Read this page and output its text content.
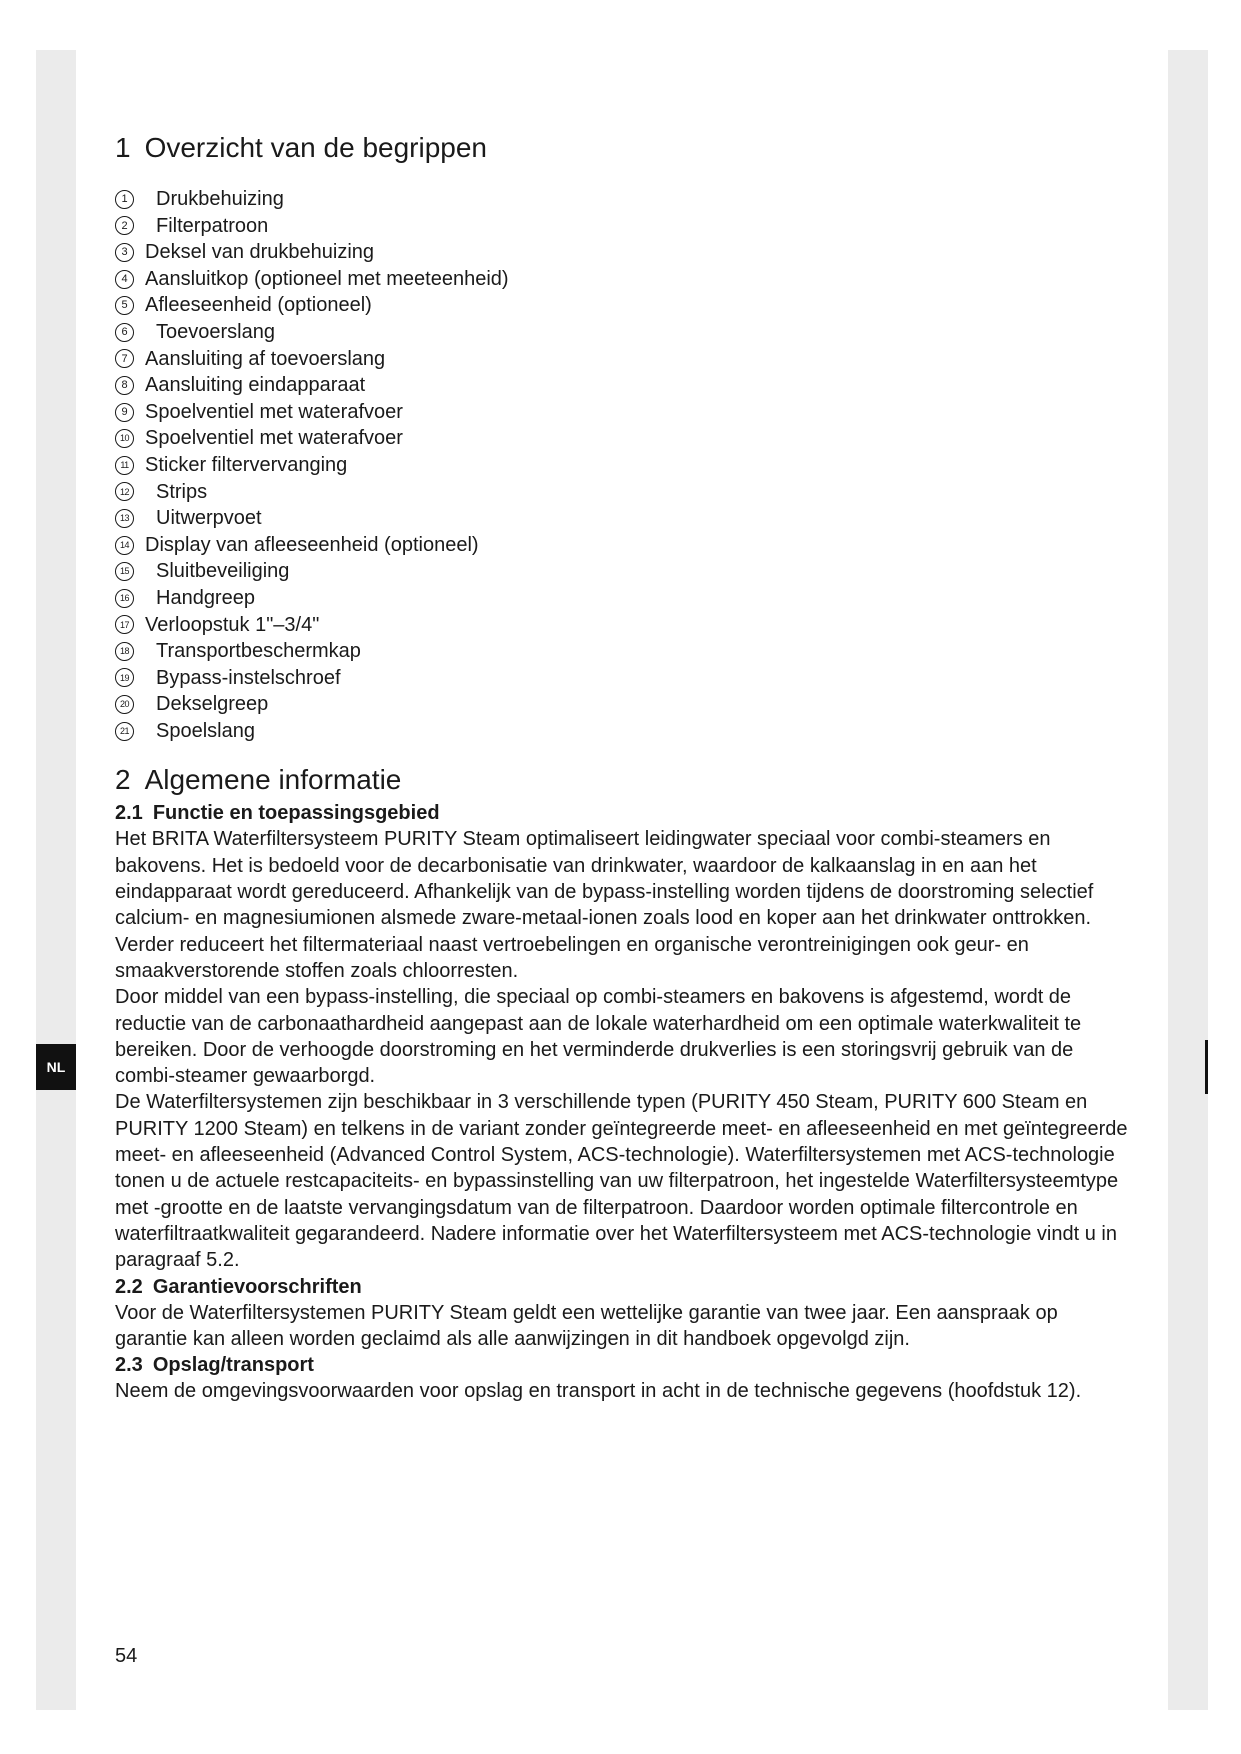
NL
1 Overzicht van de begrippen
1	Drukbehuizing
2	Filterpatroon
3 Deksel van drukbehuizing
4 Aansluitkop (optioneel met meeteenheid)
5 Afleeseenheid (optioneel)
6	Toevoerslang
7 Aansluiting af toevoerslang
8 Aansluiting eindapparaat
9 Spoelventiel met waterafvoer
10 Spoelventiel met waterafvoer
11 Sticker filtervervanging
12	Strips
13	Uitwerpvoet
14 Display van afleeseenheid (optioneel)
15	Sluitbeveiliging
16	Handgreep
17 Verloopstuk 1"–3/4"
18	Transportbeschermkap
19	Bypass-instelschroef
20	Dekselgreep
21	Spoelslang
2 Algemene informatie
2.1 Functie en toepassingsgebied

Het BRITA Waterfiltersysteem PURITY Steam optimaliseert leidingwater speciaal voor combi-steamers en bakovens. Het is bedoeld voor de decarbonisatie van drinkwater, waardoor de kalkaanslag in en aan het eindapparaat wordt gereduceerd. Afhankelijk van de bypass-instelling worden tijdens de doorstroming selectief calcium- en magnesiumionen alsmede zware-metaal-ionen zoals lood en koper aan het drinkwater onttrokken. Verder reduceert het filtermateriaal naast vertroebelingen en organische verontreinigingen ook geur- en smaakverstorende stoffen zoals chloorresten.

Door middel van een bypass-instelling, die speciaal op combi-steamers en bakovens is afgestemd, wordt de reductie van de carbonaathardheid aangepast aan de lokale waterhardheid om een optimale waterkwaliteit te bereiken. Door de verhoogde doorstroming en het verminderde drukverlies is een storingsvrij gebruik van de combi-steamer gewaarborgd.

De Waterfiltersystemen zijn beschikbaar in 3 verschillende typen (PURITY 450 Steam, PURITY 600 Steam en PURITY 1200 Steam) en telkens in de variant zonder geïntegreerde meet- en afleeseenheid en met geïntegreerde meet- en afleeseenheid (Advanced Control System, ACS-technologie). Waterfiltersystemen met ACS-technologie tonen u de actuele restcapaciteits- en bypassinstelling van uw filterpatroon, het ingestelde Waterfiltersysteemtype met -grootte en de laatste vervangingsdatum van de filterpatroon. Daardoor worden optimale filtercontrole en waterfiltraatkwaliteit gegarandeerd. Nadere informatie over het Waterfiltersysteem met ACS-technologie vindt u in paragraaf 5.2.

2.2 Garantievoorschriften

Voor de Waterfiltersystemen PURITY Steam geldt een wettelijke garantie van twee jaar. Een aanspraak op garantie kan alleen worden geclaimd als alle aanwijzingen in dit handboek opgevolgd zijn.

2.3 Opslag/transport

Neem de omgevingsvoorwaarden voor opslag en transport in acht in de technische gegevens (hoofdstuk 12).

54
